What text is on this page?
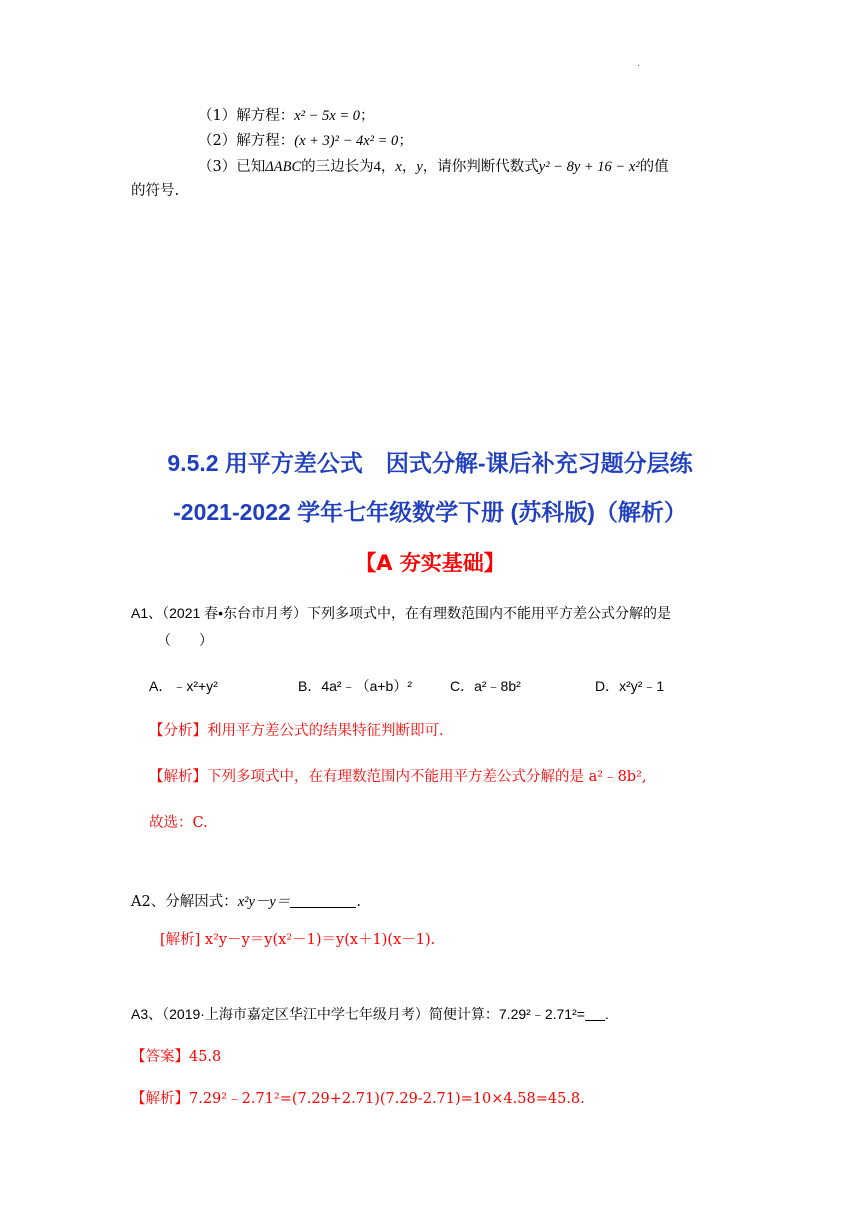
.
（1）解方程：x² − 5x = 0；
（2）解方程：(x + 3)² − 4x² = 0；
（3）已知ΔABC的三边长为4，x，y，请你判断代数式y² − 8y + 16 − x²的值
的符号.
9.5.2 用平方差公式　因式分解-课后补充习题分层练
-2021-2022 学年七年级数学下册 (苏科版)（解析）
【A 夯实基础】
A1、（2021 春•东台市月考）下列多项式中，在有理数范围内不能用平方差公式分解的是
（　　）
A．﹣x²+y²	B．4a²﹣（a+b）²	C．a²﹣8b²	D．x²y²﹣1
【分析】利用平方差公式的结果特征判断即可.
【解析】下列多项式中，在有理数范围内不能用平方差公式分解的是 a²﹣8b²,
故选：C.
A2、分解因式：x²y－y＝	.
[解析] x²y－y＝y(x²－1)＝y(x＋1)(x－1).
A3、（2019·上海市嘉定区华江中学七年级月考）简便计算：7.29²﹣2.71²= .
【答案】45.8
【解析】7.29²﹣2.71²=(7.29+2.71)(7.29-2.71)=10×4.58=45.8.
